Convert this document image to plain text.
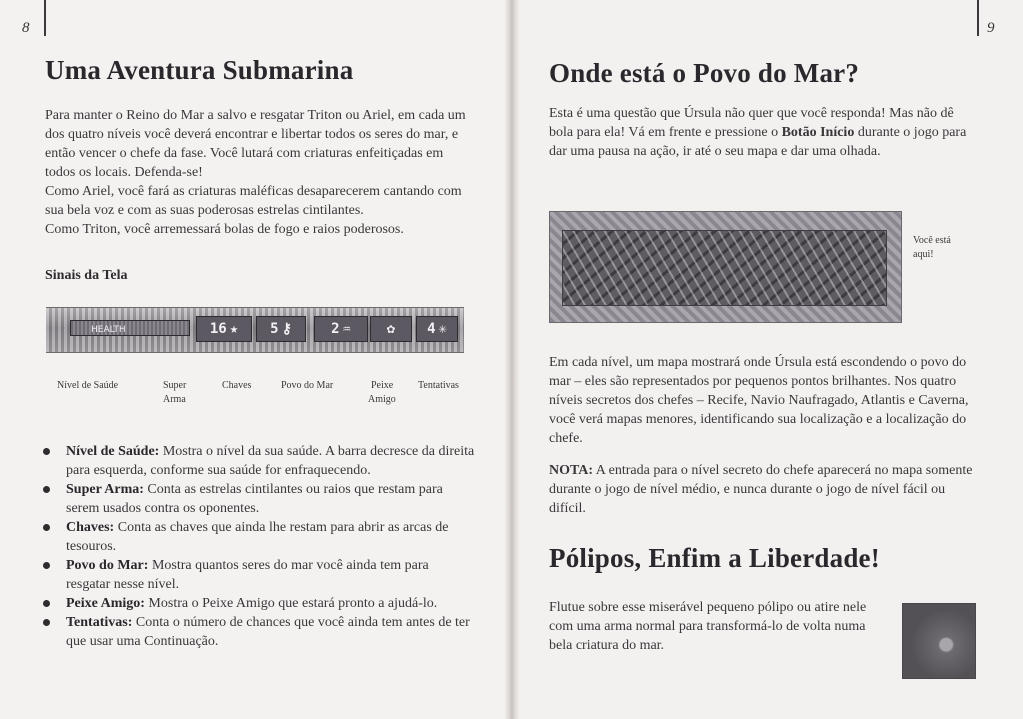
8
Uma Aventura Submarina

Para manter o Reino do Mar a salvo e resgatar Triton ou Ariel, em cada um dos quatro níveis você deverá encontrar e libertar todos os seres do mar, e então vencer o chefe da fase. Você lutará com criaturas enfeitiçadas em todos os locais. Defenda-se!

Como Ariel, você fará as criaturas maléficas desaparecerem cantando com sua bela voz e com as suas poderosas estrelas cintilantes.

Como Triton, você arremessará bolas de fogo e raios poderosos.

Sinais da Tela
HEALTH	16 ★ 5 ⚷	2 ♒	✿ 4 ✳
Nível de Saúde	Super
Arma
Chaves	Povo do Mar	Peixe
Amigo
Tentativas
Nível de Saúde: Mostra o nível da sua saúde. A barra decresce da direita para esquerda, conforme sua saúde for enfraquecendo.
Super Arma: Conta as estrelas cintilantes ou raios que restam para serem usados contra os oponentes.
Chaves: Conta as chaves que ainda lhe restam para abrir as arcas de tesouros.
Povo do Mar: Mostra quantos seres do mar você ainda tem para resgatar nesse nível.
Peixe Amigo: Mostra o Peixe Amigo que estará pronto a ajudá-lo.
Tentativas: Conta o número de chances que você ainda tem antes de ter que usar uma Continuação.
9
Onde está o Povo do Mar?

Esta é uma questão que Úrsula não quer que você responda! Mas não dê bola para ela! Vá em frente e pressione o Botão Início durante o jogo para dar uma pausa na ação, ir até o seu mapa e dar uma olhada.

Você está
aqui!

Em cada nível, um mapa mostrará onde Úrsula está escondendo o povo do mar – eles são representados por pequenos pontos brilhantes. Nos quatro níveis secretos dos chefes – Recife, Navio Naufragado, Atlantis e Caverna, você verá mapas menores, identificando sua localização e a localização do chefe.

NOTA: A entrada para o nível secreto do chefe aparecerá no mapa somente durante o jogo de nível médio, e nunca durante o jogo de nível fácil ou difícil.

Pólipos, Enfim a Liberdade!

Flutue sobre esse miserável pequeno pólipo ou atire nele com uma arma normal para transformá-lo de volta numa bela criatura do mar.
